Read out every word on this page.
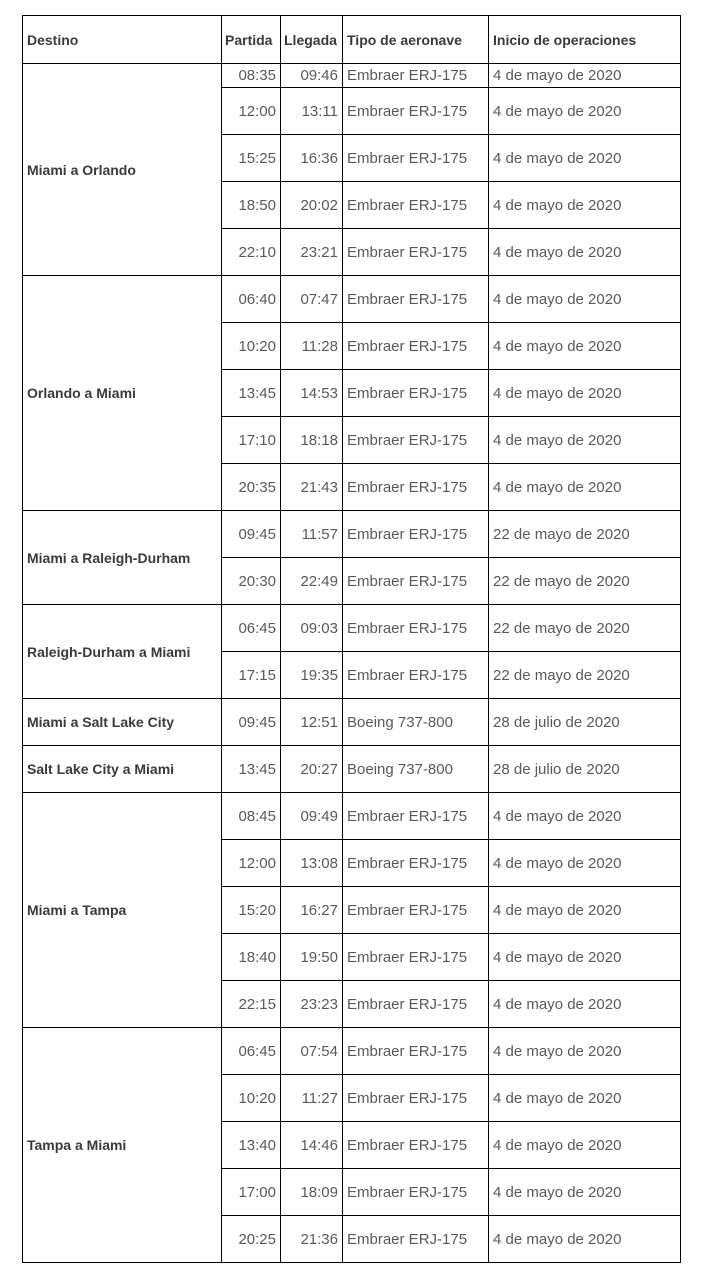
Destino	Partida	Llegada	Tipo de aeronave	Inicio de operaciones
Miami a Orlando	08:35	09:46	Embraer ERJ-175	4 de mayo de 2020
	12:00	13:11	Embraer ERJ-175	4 de mayo de 2020
	15:25	16:36	Embraer ERJ-175	4 de mayo de 2020
	18:50	20:02	Embraer ERJ-175	4 de mayo de 2020
	22:10	23:21	Embraer ERJ-175	4 de mayo de 2020
Orlando a Miami	06:40	07:47	Embraer ERJ-175	4 de mayo de 2020
	10:20	11:28	Embraer ERJ-175	4 de mayo de 2020
	13:45	14:53	Embraer ERJ-175	4 de mayo de 2020
	17:10	18:18	Embraer ERJ-175	4 de mayo de 2020
	20:35	21:43	Embraer ERJ-175	4 de mayo de 2020
Miami a Raleigh-Durham	09:45	11:57	Embraer ERJ-175	22 de mayo de 2020
	20:30	22:49	Embraer ERJ-175	22 de mayo de 2020
Raleigh-Durham a Miami	06:45	09:03	Embraer ERJ-175	22 de mayo de 2020
	17:15	19:35	Embraer ERJ-175	22 de mayo de 2020
Miami a Salt Lake City	09:45	12:51	Boeing 737-800	28 de julio de 2020
Salt Lake City a Miami	13:45	20:27	Boeing 737-800	28 de julio de 2020
Miami a Tampa	08:45	09:49	Embraer ERJ-175	4 de mayo de 2020
	12:00	13:08	Embraer ERJ-175	4 de mayo de 2020
	15:20	16:27	Embraer ERJ-175	4 de mayo de 2020
	18:40	19:50	Embraer ERJ-175	4 de mayo de 2020
	22:15	23:23	Embraer ERJ-175	4 de mayo de 2020
Tampa a Miami	06:45	07:54	Embraer ERJ-175	4 de mayo de 2020
	10:20	11:27	Embraer ERJ-175	4 de mayo de 2020
	13:40	14:46	Embraer ERJ-175	4 de mayo de 2020
	17:00	18:09	Embraer ERJ-175	4 de mayo de 2020
	20:25	21:36	Embraer ERJ-175	4 de mayo de 2020
